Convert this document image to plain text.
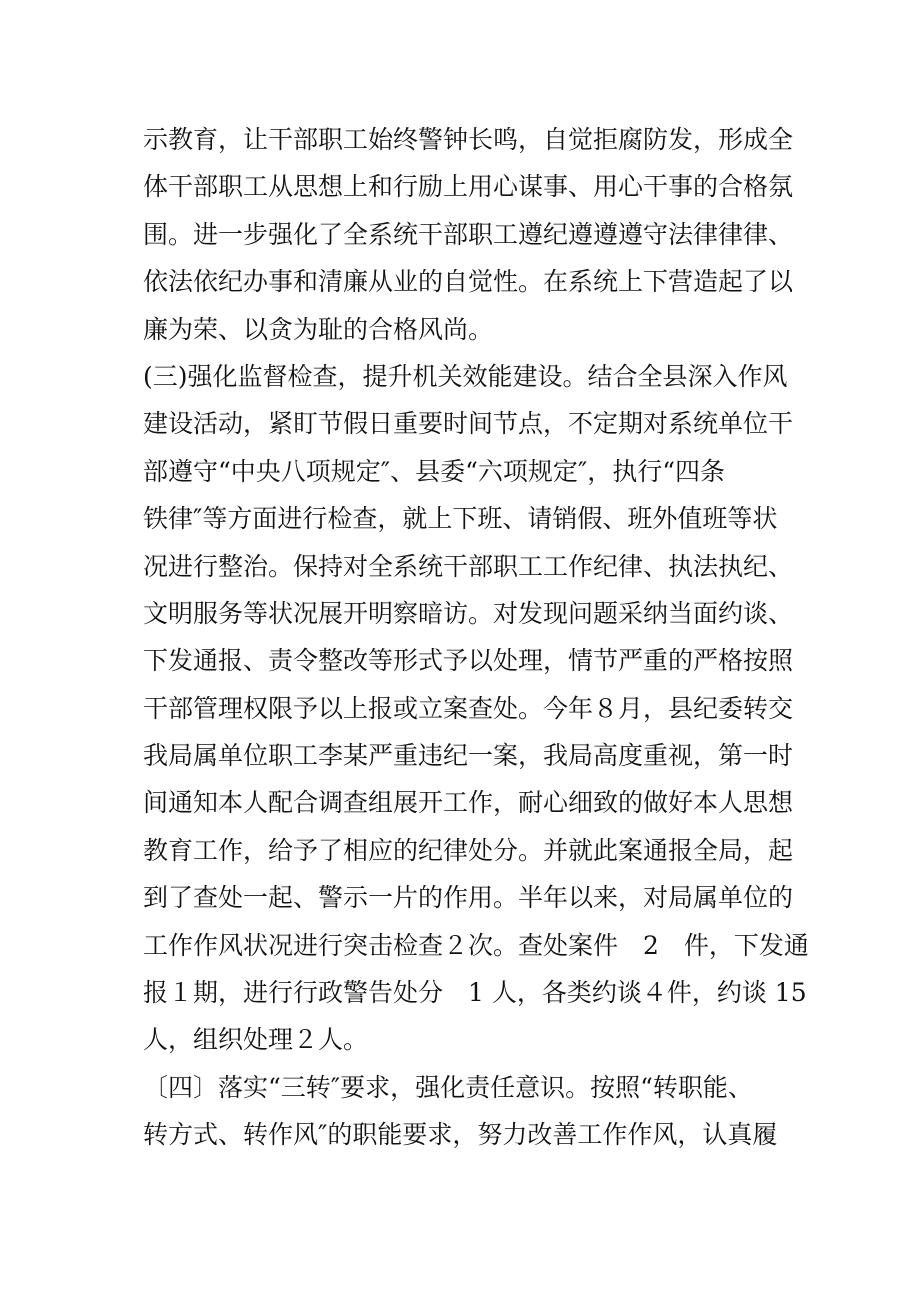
示教育，让干部职工始终警钟长鸣，自觉拒腐防发，形成全
体干部职工从思想上和行励上用心谋事、用心干事的合格氛
围。进一步强化了全系统干部职工遵纪遵遵遵守法律律律、
依法依纪办事和清廉从业的自觉性。在系统上下营造起了以
廉为荣、以贪为耻的合格风尚。
(三)强化监督检查，提升机关效能建设。结合全县深入作风
建设活动，紧盯节假日重要时间节点，不定期对系统单位干
部遵守“中央八项规定″、县委“六项规定″，执行“四条
铁律″等方面进行检查，就上下班、请销假、班外值班等状
况进行整治。保持对全系统干部职工工作纪律、执法执纪、
文明服务等状况展开明察暗访。对发现问题采纳当面约谈、
下发通报、责令整改等形式予以处理，情节严重的严格按照
干部管理权限予以上报或立案查处。今年８月，县纪委转交
我局属单位职工李某严重违纪一案，我局高度重视，第一时
间通知本人配合调查组展开工作，耐心细致的做好本人思想
教育工作，给予了相应的纪律处分。并就此案通报全局，起
到了查处一起、警示一片的作用。半年以来，对局属单位的
工作作风状况进行突击检查２次。查处案件　2　件，下发通
报１期，进行行政警告处分　1 人，各类约谈４件，约谈 15
人，组织处理２人。
〔四〕落实“三转″要求，强化责任意识。按照“转职能、
转方式、转作风″的职能要求，努力改善工作作风，认真履
